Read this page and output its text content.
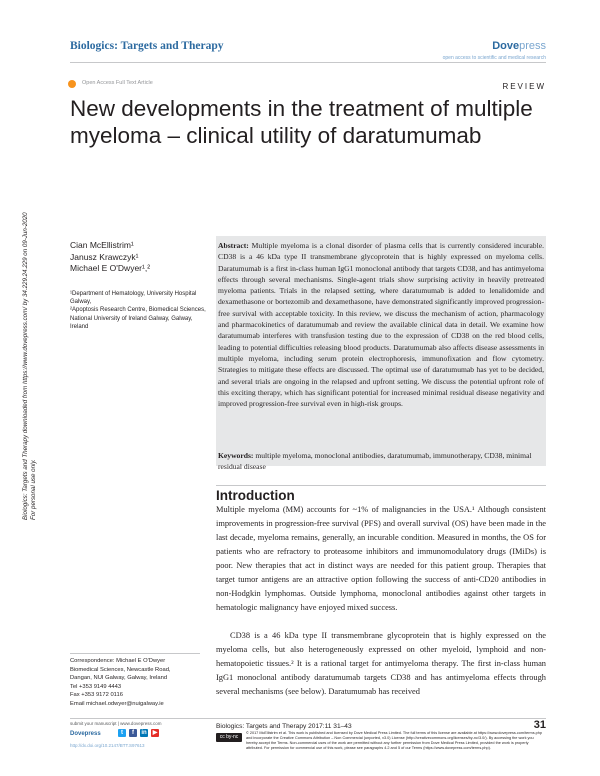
Biologics: Targets and Therapy	Dovepress
open access to scientific and medical research
Open Access Full Text Article	REVIEW
New developments in the treatment of multiple myeloma – clinical utility of daratumumab
Biologics: Targets and Therapy downloaded from https://www.dovepress.com/ by 34.229.24.229 on 09-Jun-2020 For personal use only.
Cian McEllistrim¹
Janusz Krawczyk¹
Michael E O'Dwyer¹,²
¹Department of Hematology, University Hospital Galway,
²Apoptosis Research Centre, Biomedical Sciences, National University of Ireland Galway, Galway, Ireland
Abstract: Multiple myeloma is a clonal disorder of plasma cells that is currently considered incurable. CD38 is a 46 kDa type II transmembrane glycoprotein that is highly expressed on myeloma cells. Daratumumab is a first in-class human IgG1 monoclonal antibody that targets CD38, and has antimyeloma effects through several mechanisms. Single-agent trials show surprising activity in heavily pretreated myeloma patients. Trials in the relapsed setting, where daratumumab is added to lenalidomide and dexamethasone or bortezomib and dexamethasone, have demonstrated significantly improved progression-free survival with acceptable toxicity. In this review, we discuss the mechanism of action, pharmacology and pharmacokinetics of daratumumab and review the available clinical data in detail. We examine how daratumumab interferes with transfusion testing due to the expression of CD38 on the red blood cells, leading to potential difficulties releasing blood products. Daratumumab also affects disease assessments in multiple myeloma, including serum protein electrophoresis, immunofixation and flow cytometry. Strategies to mitigate these effects are discussed. The optimal use of daratumumab has yet to be decided, and several trials are ongoing in the relapsed and upfront setting. We discuss the potential upfront role of this exciting therapy, which has significant potential for increased minimal residual disease negativity and improved progression-free survival even in high-risk groups.
Keywords: multiple myeloma, monoclonal antibodies, daratumumab, immunotherapy, CD38, minimal residual disease
Introduction
Multiple myeloma (MM) accounts for ~1% of malignancies in the USA.¹ Although consistent improvements in progression-free survival (PFS) and overall survival (OS) have been made in the last decade, myeloma remains, generally, an incurable condition. Measured in months, the OS for patients who are refractory to proteasome inhibitors and immunomodulatory drugs (IMiDs) is poor. New therapies that act in distinct ways are needed for this patient group. Therapies that target tumor antigens are an attractive option following the success of anti-CD20 antibodies in non-Hodgkin lymphomas. Outside lymphoma, monoclonal antibodies against other targets in hematologic malignancy have enjoyed mixed success.
CD38 is a 46 kDa type II transmembrane glycoprotein that is highly expressed on the myeloma cells, but also heterogeneously expressed on other myeloid, lymphoid and non-hematopoietic tissues.² It is a rational target for antimyeloma therapy. The first in-class human IgG1 monoclonal antibody daratumumab targets CD38 and has antimyeloma effects through several mechanisms (see below). Daratumumab has received
Correspondence: Michael E O'Dwyer
Biomedical Sciences, Newcastle Road,
Dangan, NUI Galway, Galway, Ireland
Tel +353 9149 4443
Fax +353 9172 0116
Email michael.odwyer@nuigalway.ie
submit your manuscript | www.dovepress.com
Dovepress	t	f	in ▶
http://dx.doi.org/10.2147/BTT.S97613
Biologics: Targets and Therapy 2017:11 31–43	31
cc by-nc
© 2017 McEllistrim et al. This work is published and licensed by Dove Medical Press Limited. The full terms of this license are available at https://www.dovepress.com/terms.php and incorporate the Creative Commons Attribution – Non Commercial (unported, v3.0) License (http://creativecommons.org/licenses/by-nc/3.0/). By accessing the work you hereby accept the Terms. Non-commercial uses of the work are permitted without any further permission from Dove Medical Press Limited, provided the work is properly attributed. For permission for commercial use of this work, please see paragraphs 4.2 and 5 of our Terms (https://www.dovepress.com/terms.php).
